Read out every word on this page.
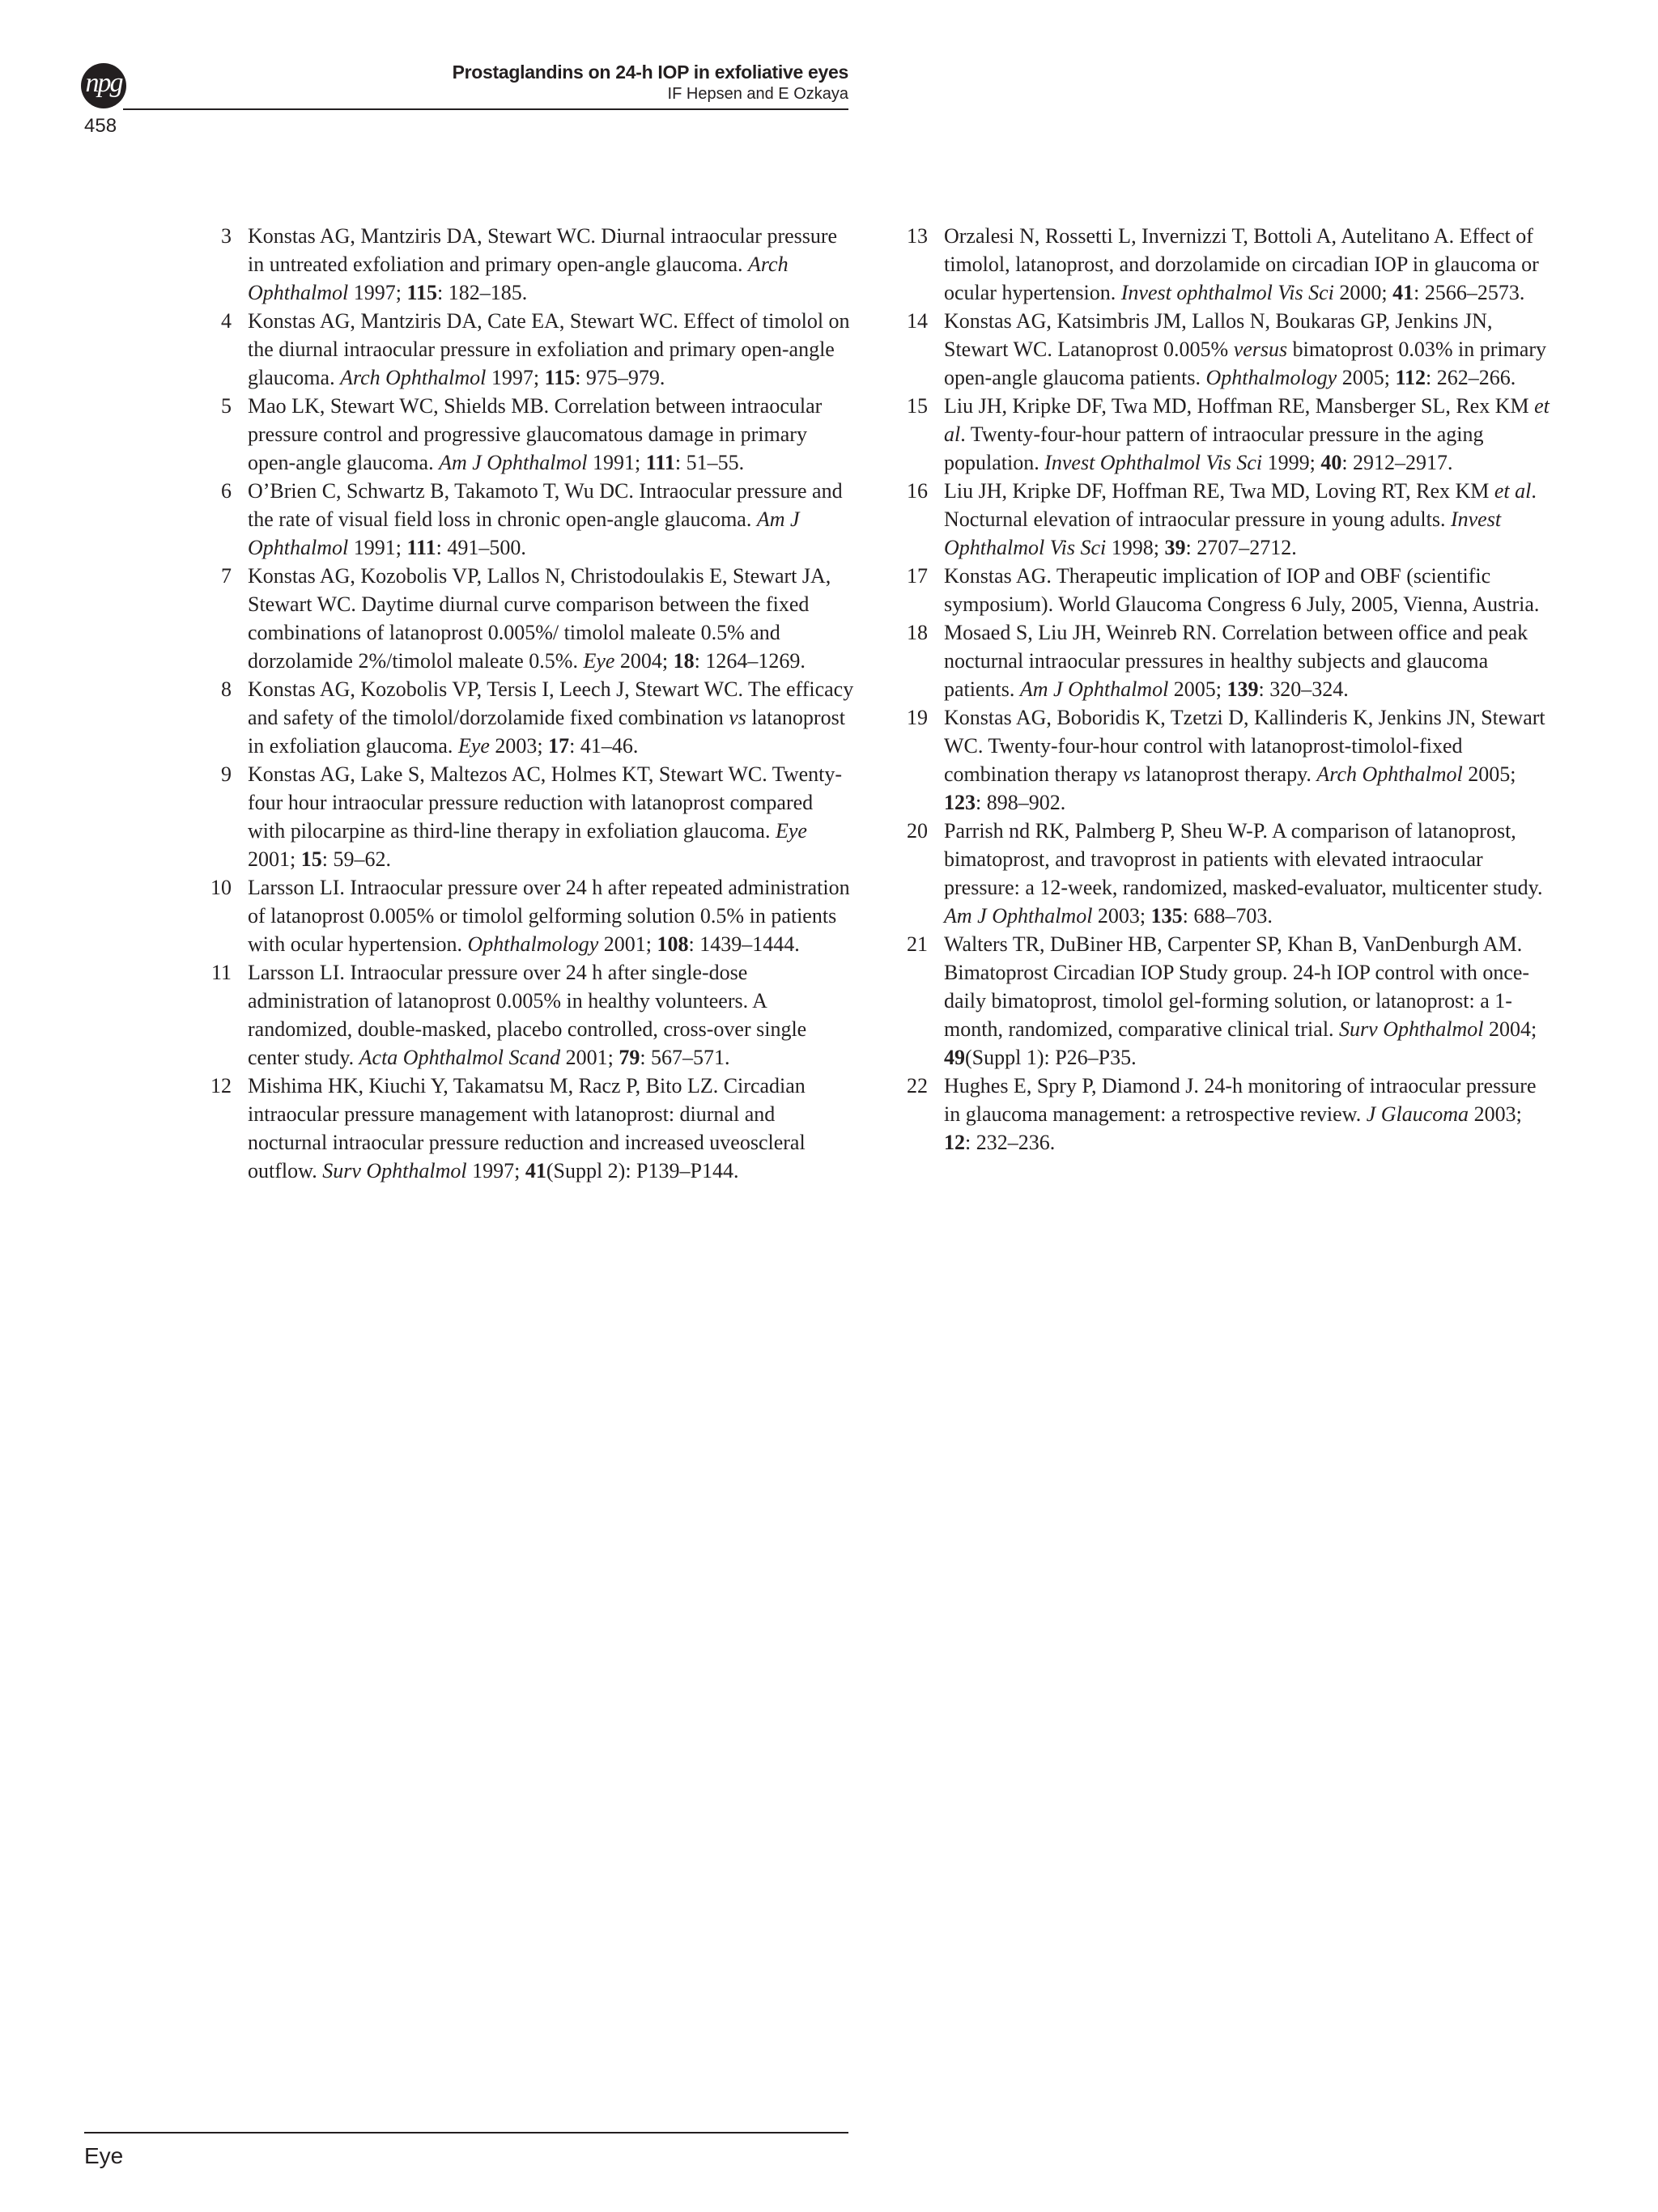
npg
458
Prostaglandins on 24-h IOP in exfoliative eyes
IF Hepsen and E Ozkaya
3 Konstas AG, Mantziris DA, Stewart WC. Diurnal intraocular pressure in untreated exfoliation and primary open-angle glaucoma. Arch Ophthalmol 1997; 115: 182–185.
4 Konstas AG, Mantziris DA, Cate EA, Stewart WC. Effect of timolol on the diurnal intraocular pressure in exfoliation and primary open-angle glaucoma. Arch Ophthalmol 1997; 115: 975–979.
5 Mao LK, Stewart WC, Shields MB. Correlation between intraocular pressure control and progressive glaucomatous damage in primary open-angle glaucoma. Am J Ophthalmol 1991; 111: 51–55.
6 O’Brien C, Schwartz B, Takamoto T, Wu DC. Intraocular pressure and the rate of visual field loss in chronic open-angle glaucoma. Am J Ophthalmol 1991; 111: 491–500.
7 Konstas AG, Kozobolis VP, Lallos N, Christodoulakis E, Stewart JA, Stewart WC. Daytime diurnal curve comparison between the fixed combinations of latanoprost 0.005%/ timolol maleate 0.5% and dorzolamide 2%/timolol maleate 0.5%. Eye 2004; 18: 1264–1269.
8 Konstas AG, Kozobolis VP, Tersis I, Leech J, Stewart WC. The efficacy and safety of the timolol/dorzolamide fixed combination vs latanoprost in exfoliation glaucoma. Eye 2003; 17: 41–46.
9 Konstas AG, Lake S, Maltezos AC, Holmes KT, Stewart WC. Twenty-four hour intraocular pressure reduction with latanoprost compared with pilocarpine as third-line therapy in exfoliation glaucoma. Eye 2001; 15: 59–62.
10 Larsson LI. Intraocular pressure over 24 h after repeated administration of latanoprost 0.005% or timolol gelforming solution 0.5% in patients with ocular hypertension. Ophthalmology 2001; 108: 1439–1444.
11 Larsson LI. Intraocular pressure over 24 h after single-dose administration of latanoprost 0.005% in healthy volunteers. A randomized, double-masked, placebo controlled, cross-over single center study. Acta Ophthalmol Scand 2001; 79: 567–571.
12 Mishima HK, Kiuchi Y, Takamatsu M, Racz P, Bito LZ. Circadian intraocular pressure management with latanoprost: diurnal and nocturnal intraocular pressure reduction and increased uveoscleral outflow. Surv Ophthalmol 1997; 41(Suppl 2): P139–P144.
13 Orzalesi N, Rossetti L, Invernizzi T, Bottoli A, Autelitano A. Effect of timolol, latanoprost, and dorzolamide on circadian IOP in glaucoma or ocular hypertension. Invest ophthalmol Vis Sci 2000; 41: 2566–2573.
14 Konstas AG, Katsimbris JM, Lallos N, Boukaras GP, Jenkins JN, Stewart WC. Latanoprost 0.005% versus bimatoprost 0.03% in primary open-angle glaucoma patients. Ophthalmology 2005; 112: 262–266.
15 Liu JH, Kripke DF, Twa MD, Hoffman RE, Mansberger SL, Rex KM et al. Twenty-four-hour pattern of intraocular pressure in the aging population. Invest Ophthalmol Vis Sci 1999; 40: 2912–2917.
16 Liu JH, Kripke DF, Hoffman RE, Twa MD, Loving RT, Rex KM et al. Nocturnal elevation of intraocular pressure in young adults. Invest Ophthalmol Vis Sci 1998; 39: 2707–2712.
17 Konstas AG. Therapeutic implication of IOP and OBF (scientific symposium). World Glaucoma Congress 6 July, 2005, Vienna, Austria.
18 Mosaed S, Liu JH, Weinreb RN. Correlation between office and peak nocturnal intraocular pressures in healthy subjects and glaucoma patients. Am J Ophthalmol 2005; 139: 320–324.
19 Konstas AG, Boboridis K, Tzetzi D, Kallinderis K, Jenkins JN, Stewart WC. Twenty-four-hour control with latanoprost-timolol-fixed combination therapy vs latanoprost therapy. Arch Ophthalmol 2005; 123: 898–902.
20 Parrish nd RK, Palmberg P, Sheu W-P. A comparison of latanoprost, bimatoprost, and travoprost in patients with elevated intraocular pressure: a 12-week, randomized, masked-evaluator, multicenter study. Am J Ophthalmol 2003; 135: 688–703.
21 Walters TR, DuBiner HB, Carpenter SP, Khan B, VanDenburgh AM. Bimatoprost Circadian IOP Study group. 24-h IOP control with once-daily bimatoprost, timolol gel-forming solution, or latanoprost: a 1-month, randomized, comparative clinical trial. Surv Ophthalmol 2004; 49(Suppl 1): P26–P35.
22 Hughes E, Spry P, Diamond J. 24-h monitoring of intraocular pressure in glaucoma management: a retrospective review. J Glaucoma 2003; 12: 232–236.
Eye
